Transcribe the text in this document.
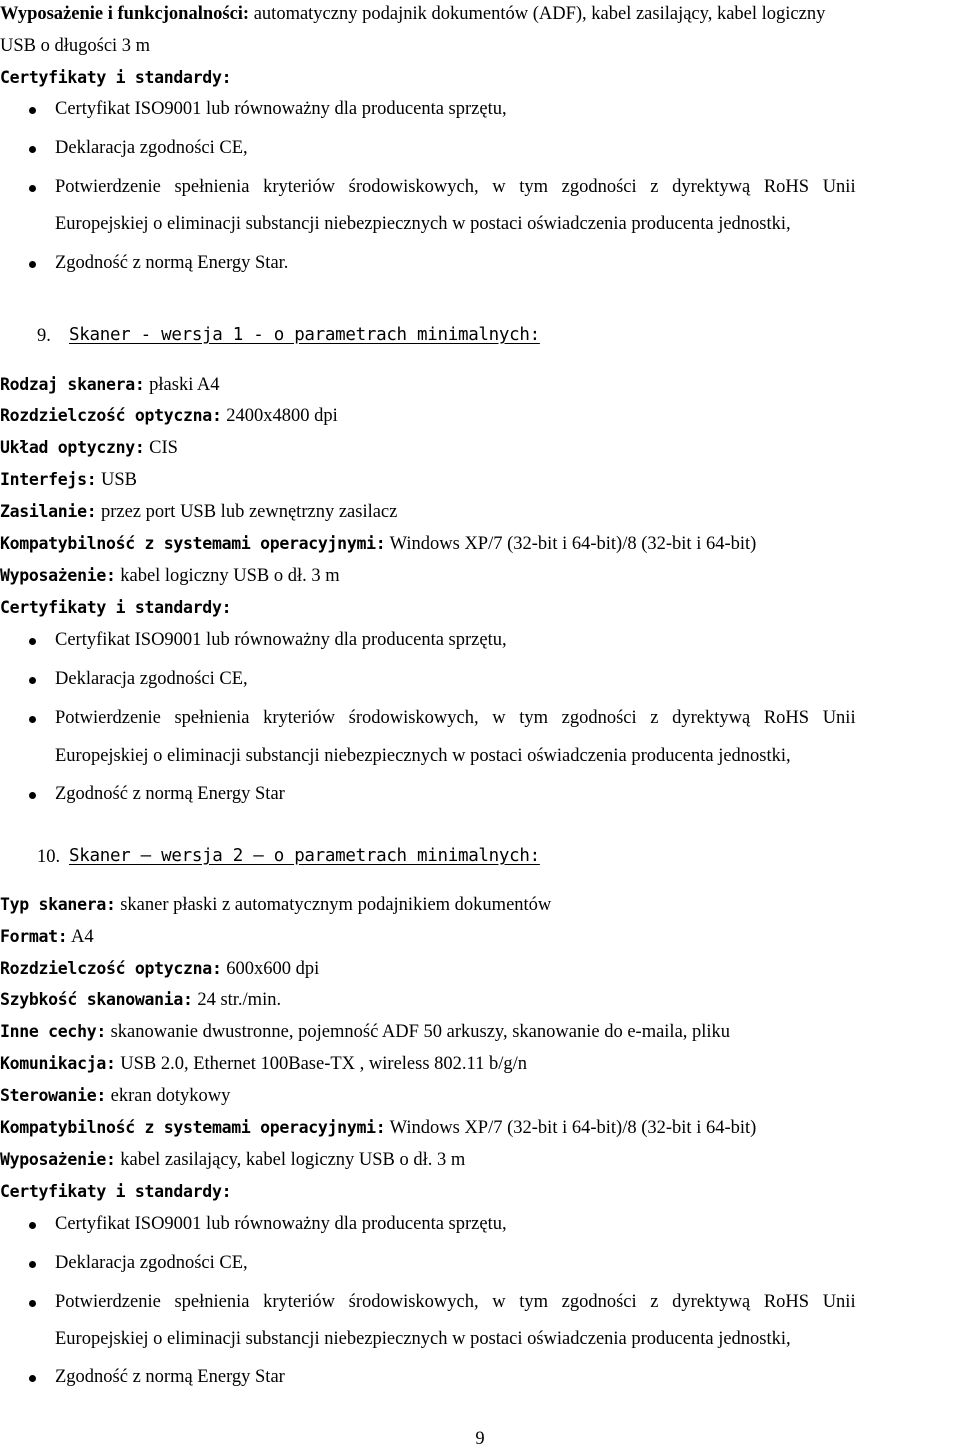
Wyposażenie i funkcjonalności: automatyczny podajnik dokumentów (ADF), kabel zasilający, kabel logiczny
USB o długości 3 m
Certyfikaty i standardy:
Certyfikat ISO9001 lub równoważny dla producenta sprzętu,
Deklaracja zgodności CE,
Potwierdzenie spełnienia kryteriów środowiskowych, w tym zgodności z dyrektywą RoHS Unii
Europejskiej o eliminacji substancji niebezpiecznych w postaci oświadczenia producenta jednostki,
Zgodność z normą Energy Star.
9. Skaner - wersja 1 - o parametrach minimalnych:
Rodzaj skanera: płaski A4
Rozdzielczość optyczna: 2400x4800 dpi
Układ optyczny: CIS
Interfejs: USB
Zasilanie: przez port USB lub zewnętrzny zasilacz
Kompatybilność z systemami operacyjnymi: Windows XP/7 (32-bit i 64-bit)/8 (32-bit i 64-bit)
Wyposażenie: kabel logiczny USB o dł. 3 m
Certyfikaty i standardy:
Certyfikat ISO9001 lub równoważny dla producenta sprzętu,
Deklaracja zgodności CE,
Potwierdzenie spełnienia kryteriów środowiskowych, w tym zgodności z dyrektywą RoHS Unii
Europejskiej o eliminacji substancji niebezpiecznych w postaci oświadczenia producenta jednostki,
Zgodność z normą Energy Star
10. Skaner – wersja 2 – o parametrach minimalnych:
Typ skanera: skaner płaski z automatycznym podajnikiem dokumentów
Format: A4
Rozdzielczość optyczna: 600x600 dpi
Szybkość skanowania: 24 str./min.
Inne cechy: skanowanie dwustronne, pojemność ADF 50 arkuszy, skanowanie do e-maila, pliku
Komunikacja: USB 2.0, Ethernet 100Base-TX , wireless 802.11 b/g/n
Sterowanie: ekran dotykowy
Kompatybilność z systemami operacyjnymi: Windows XP/7 (32-bit i 64-bit)/8 (32-bit i 64-bit)
Wyposażenie: kabel zasilający, kabel logiczny USB o dł. 3 m
Certyfikaty i standardy:
Certyfikat ISO9001 lub równoważny dla producenta sprzętu,
Deklaracja zgodności CE,
Potwierdzenie spełnienia kryteriów środowiskowych, w tym zgodności z dyrektywą RoHS Unii
Europejskiej o eliminacji substancji niebezpiecznych w postaci oświadczenia producenta jednostki,
Zgodność z normą Energy Star
9
